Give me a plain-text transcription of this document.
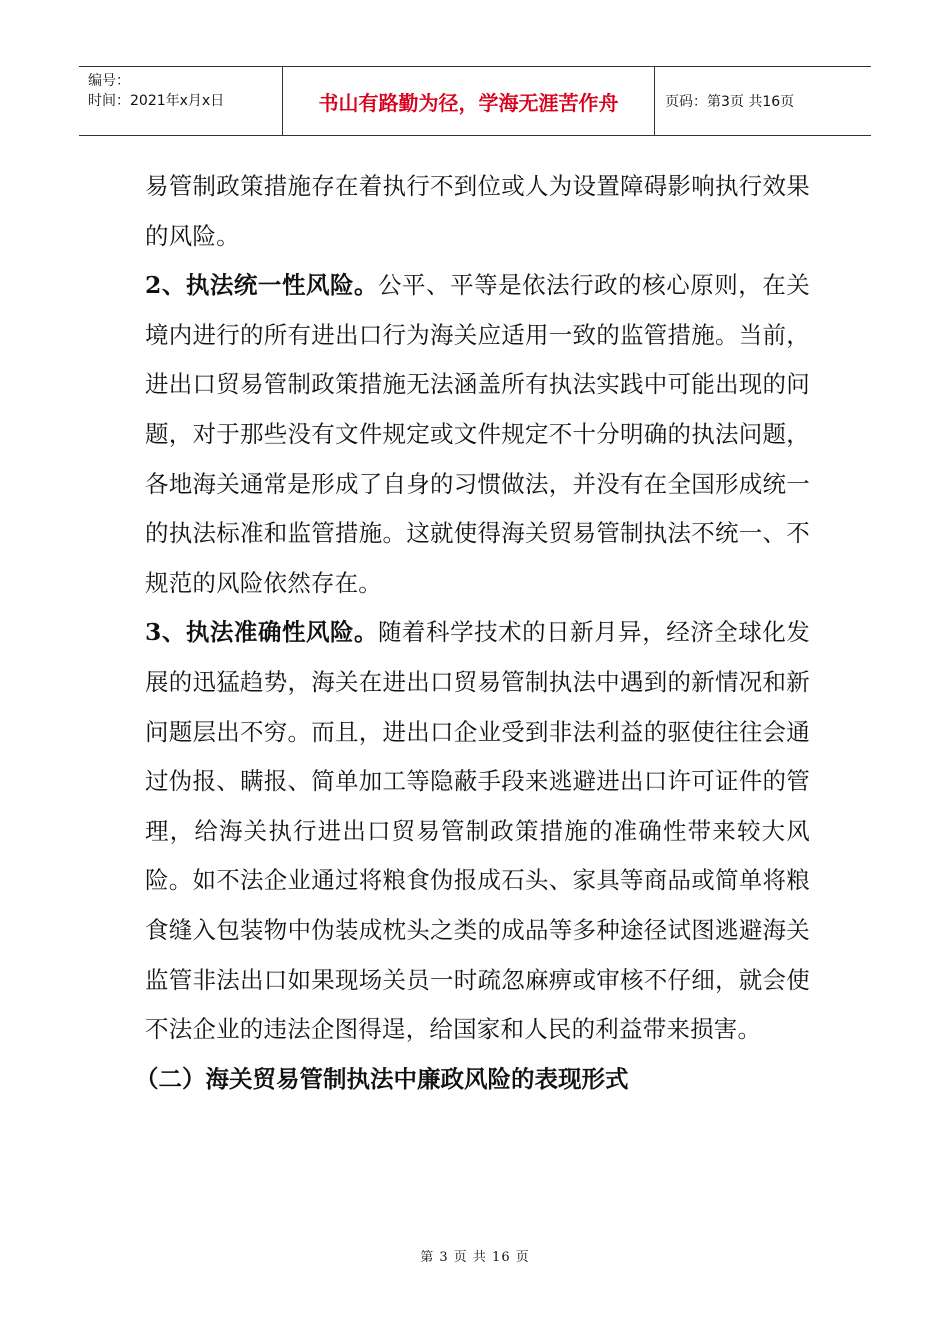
编号：
时间：2021年x月x日	书山有路勤为径，学海无涯苦作舟	页码：第3页 共16页

易管制政策措施存在着执行不到位或人为设置障碍影响执行效果的风险。

2、执法统一性风险。公平、平等是依法行政的核心原则，在关境内进行的所有进出口行为海关应适用一致的监管措施。当前，进出口贸易管制政策措施无法涵盖所有执法实践中可能出现的问题，对于那些没有文件规定或文件规定不十分明确的执法问题，各地海关通常是形成了自身的习惯做法，并没有在全国形成统一的执法标准和监管措施。这就使得海关贸易管制执法不统一、不规范的风险依然存在。

3、执法准确性风险。随着科学技术的日新月异，经济全球化发展的迅猛趋势，海关在进出口贸易管制执法中遇到的新情况和新问题层出不穷。而且，进出口企业受到非法利益的驱使往往会通过伪报、瞒报、简单加工等隐蔽手段来逃避进出口许可证件的管理，给海关执行进出口贸易管制政策措施的准确性带来较大风险。如不法企业通过将粮食伪报成石头、家具等商品或简单将粮食缝入包装物中伪装成枕头之类的成品等多种途径试图逃避海关监管非法出口如果现场关员一时疏忽麻痹或审核不仔细，就会使不法企业的违法企图得逞，给国家和人民的利益带来损害。

（二）海关贸易管制执法中廉政风险的表现形式

第 3 页 共 16 页
